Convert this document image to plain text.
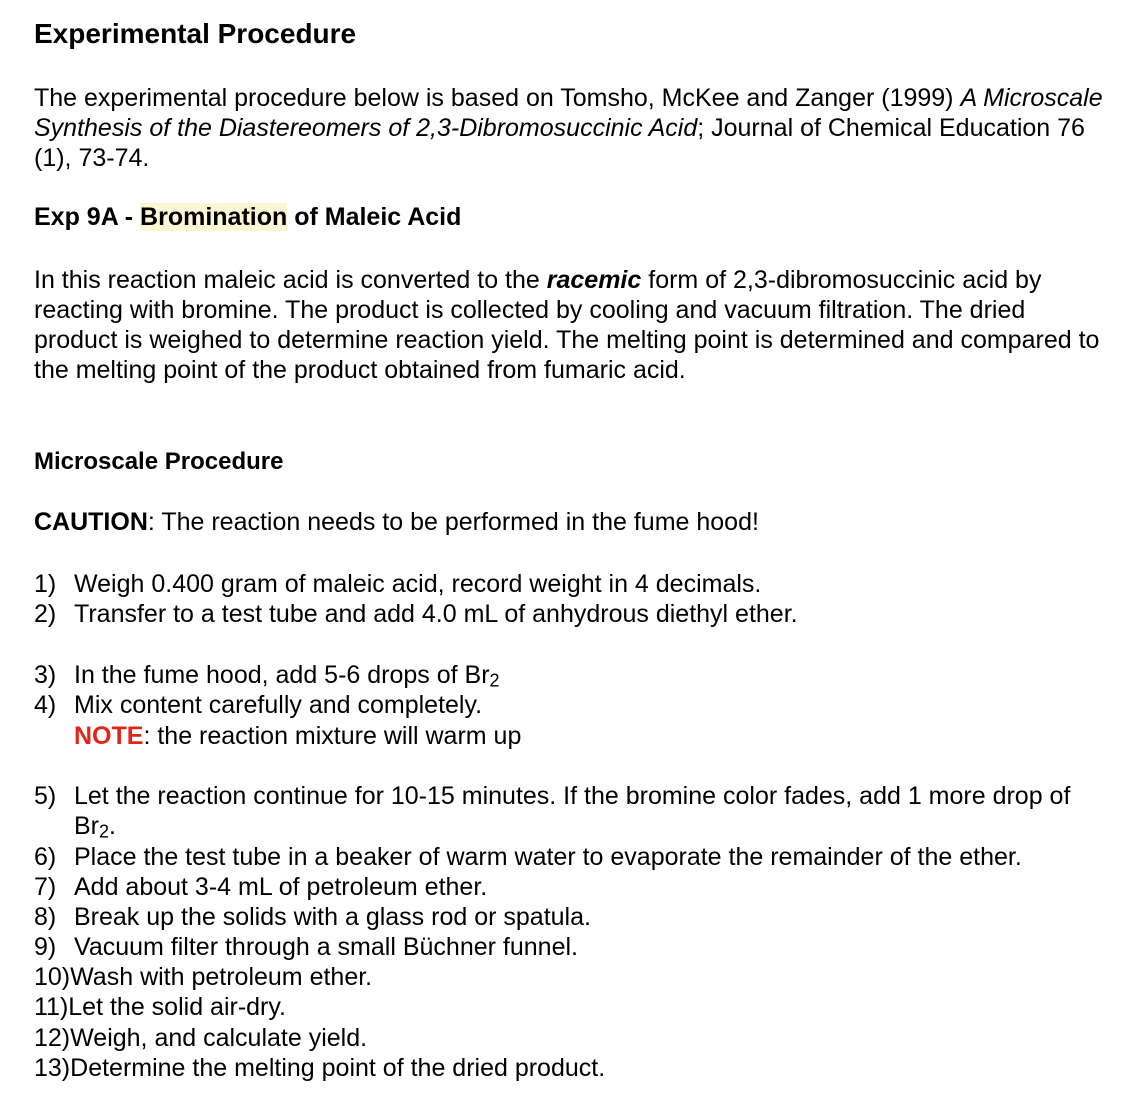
Experimental Procedure

The experimental procedure below is based on Tomsho, McKee and Zanger (1999) A Microscale Synthesis of the Diastereomers of 2,3-Dibromosuccinic Acid; Journal of Chemical Education 76 (1), 73-74.

Exp 9A - Bromination of Maleic Acid

In this reaction maleic acid is converted to the racemic form of 2,3-dibromosuccinic acid by reacting with bromine. The product is collected by cooling and vacuum filtration. The dried product is weighed to determine reaction yield. The melting point is determined and compared to the melting point of the product obtained from fumaric acid.

Microscale Procedure
CAUTION: The reaction needs to be performed in the fume hood!
1) Weigh 0.400 gram of maleic acid, record weight in 4 decimals.
2) Transfer to a test tube and add 4.0 mL of anhydrous diethyl ether.
3) In the fume hood, add 5-6 drops of $Br_2$
4) Mix content carefully and completely.
NOTE: the reaction mixture will warm up
5) Let the reaction continue for 10-15 minutes. If the bromine color fades, add 1 more drop of $Br_2$.
6) Place the test tube in a beaker of warm water to evaporate the remainder of the ether.
7) Add about 3-4 mL of petroleum ether.
8) Break up the solids with a glass rod or spatula.
9) Vacuum filter through a small Büchner funnel.
10) Wash with petroleum ether.
11) Let the solid air-dry.
12) Weigh, and calculate yield.
13) Determine the melting point of the dried product.
